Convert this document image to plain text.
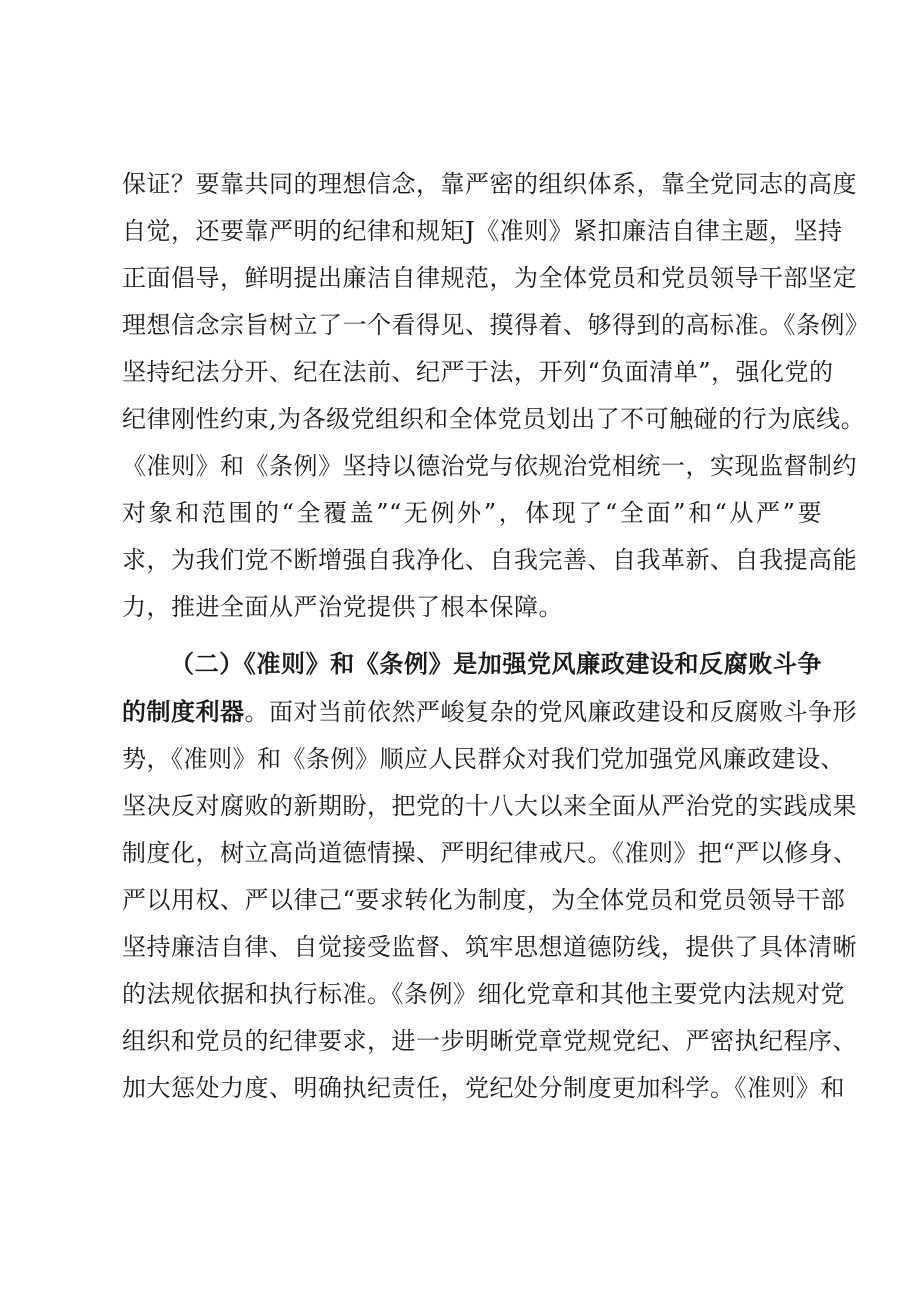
保证？要靠共同的理想信念，靠严密的组织体系，靠全党同志的高度
自觉，还要靠严明的纪律和规矩J《准则》紧扣廉洁自律主题，坚持
正面倡导，鲜明提出廉洁自律规范，为全体党员和党员领导干部坚定
理想信念宗旨树立了一个看得见、摸得着、够得到的高标准。《条例》
坚持纪法分开、纪在法前、纪严于法，开列“负面清单”，强化党的
纪律刚性约束,为各级党组织和全体党员划出了不可触碰的行为底线。
《准则》和《条例》坚持以德治党与依规治党相统一，实现监督制约
对象和范围的“全覆盖”“无例外”，体现了“全面”和“从严”要
求，为我们党不断增强自我净化、自我完善、自我革新、自我提高能
力，推进全面从严治党提供了根本保障。
（二）《准则》和《条例》是加强党风廉政建设和反腐败斗争
的制度利器。面对当前依然严峻复杂的党风廉政建设和反腐败斗争形
势，《准则》和《条例》顺应人民群众对我们党加强党风廉政建设、
坚决反对腐败的新期盼，把党的十八大以来全面从严治党的实践成果
制度化，树立高尚道德情操、严明纪律戒尺。《准则》把“严以修身、
严以用权、严以律己“要求转化为制度，为全体党员和党员领导干部
坚持廉洁自律、自觉接受监督、筑牢思想道德防线，提供了具体清晰
的法规依据和执行标准。《条例》细化党章和其他主要党内法规对党
组织和党员的纪律要求，进一步明晰党章党规党纪、严密执纪程序、
加大惩处力度、明确执纪责任，党纪处分制度更加科学。《准则》和
